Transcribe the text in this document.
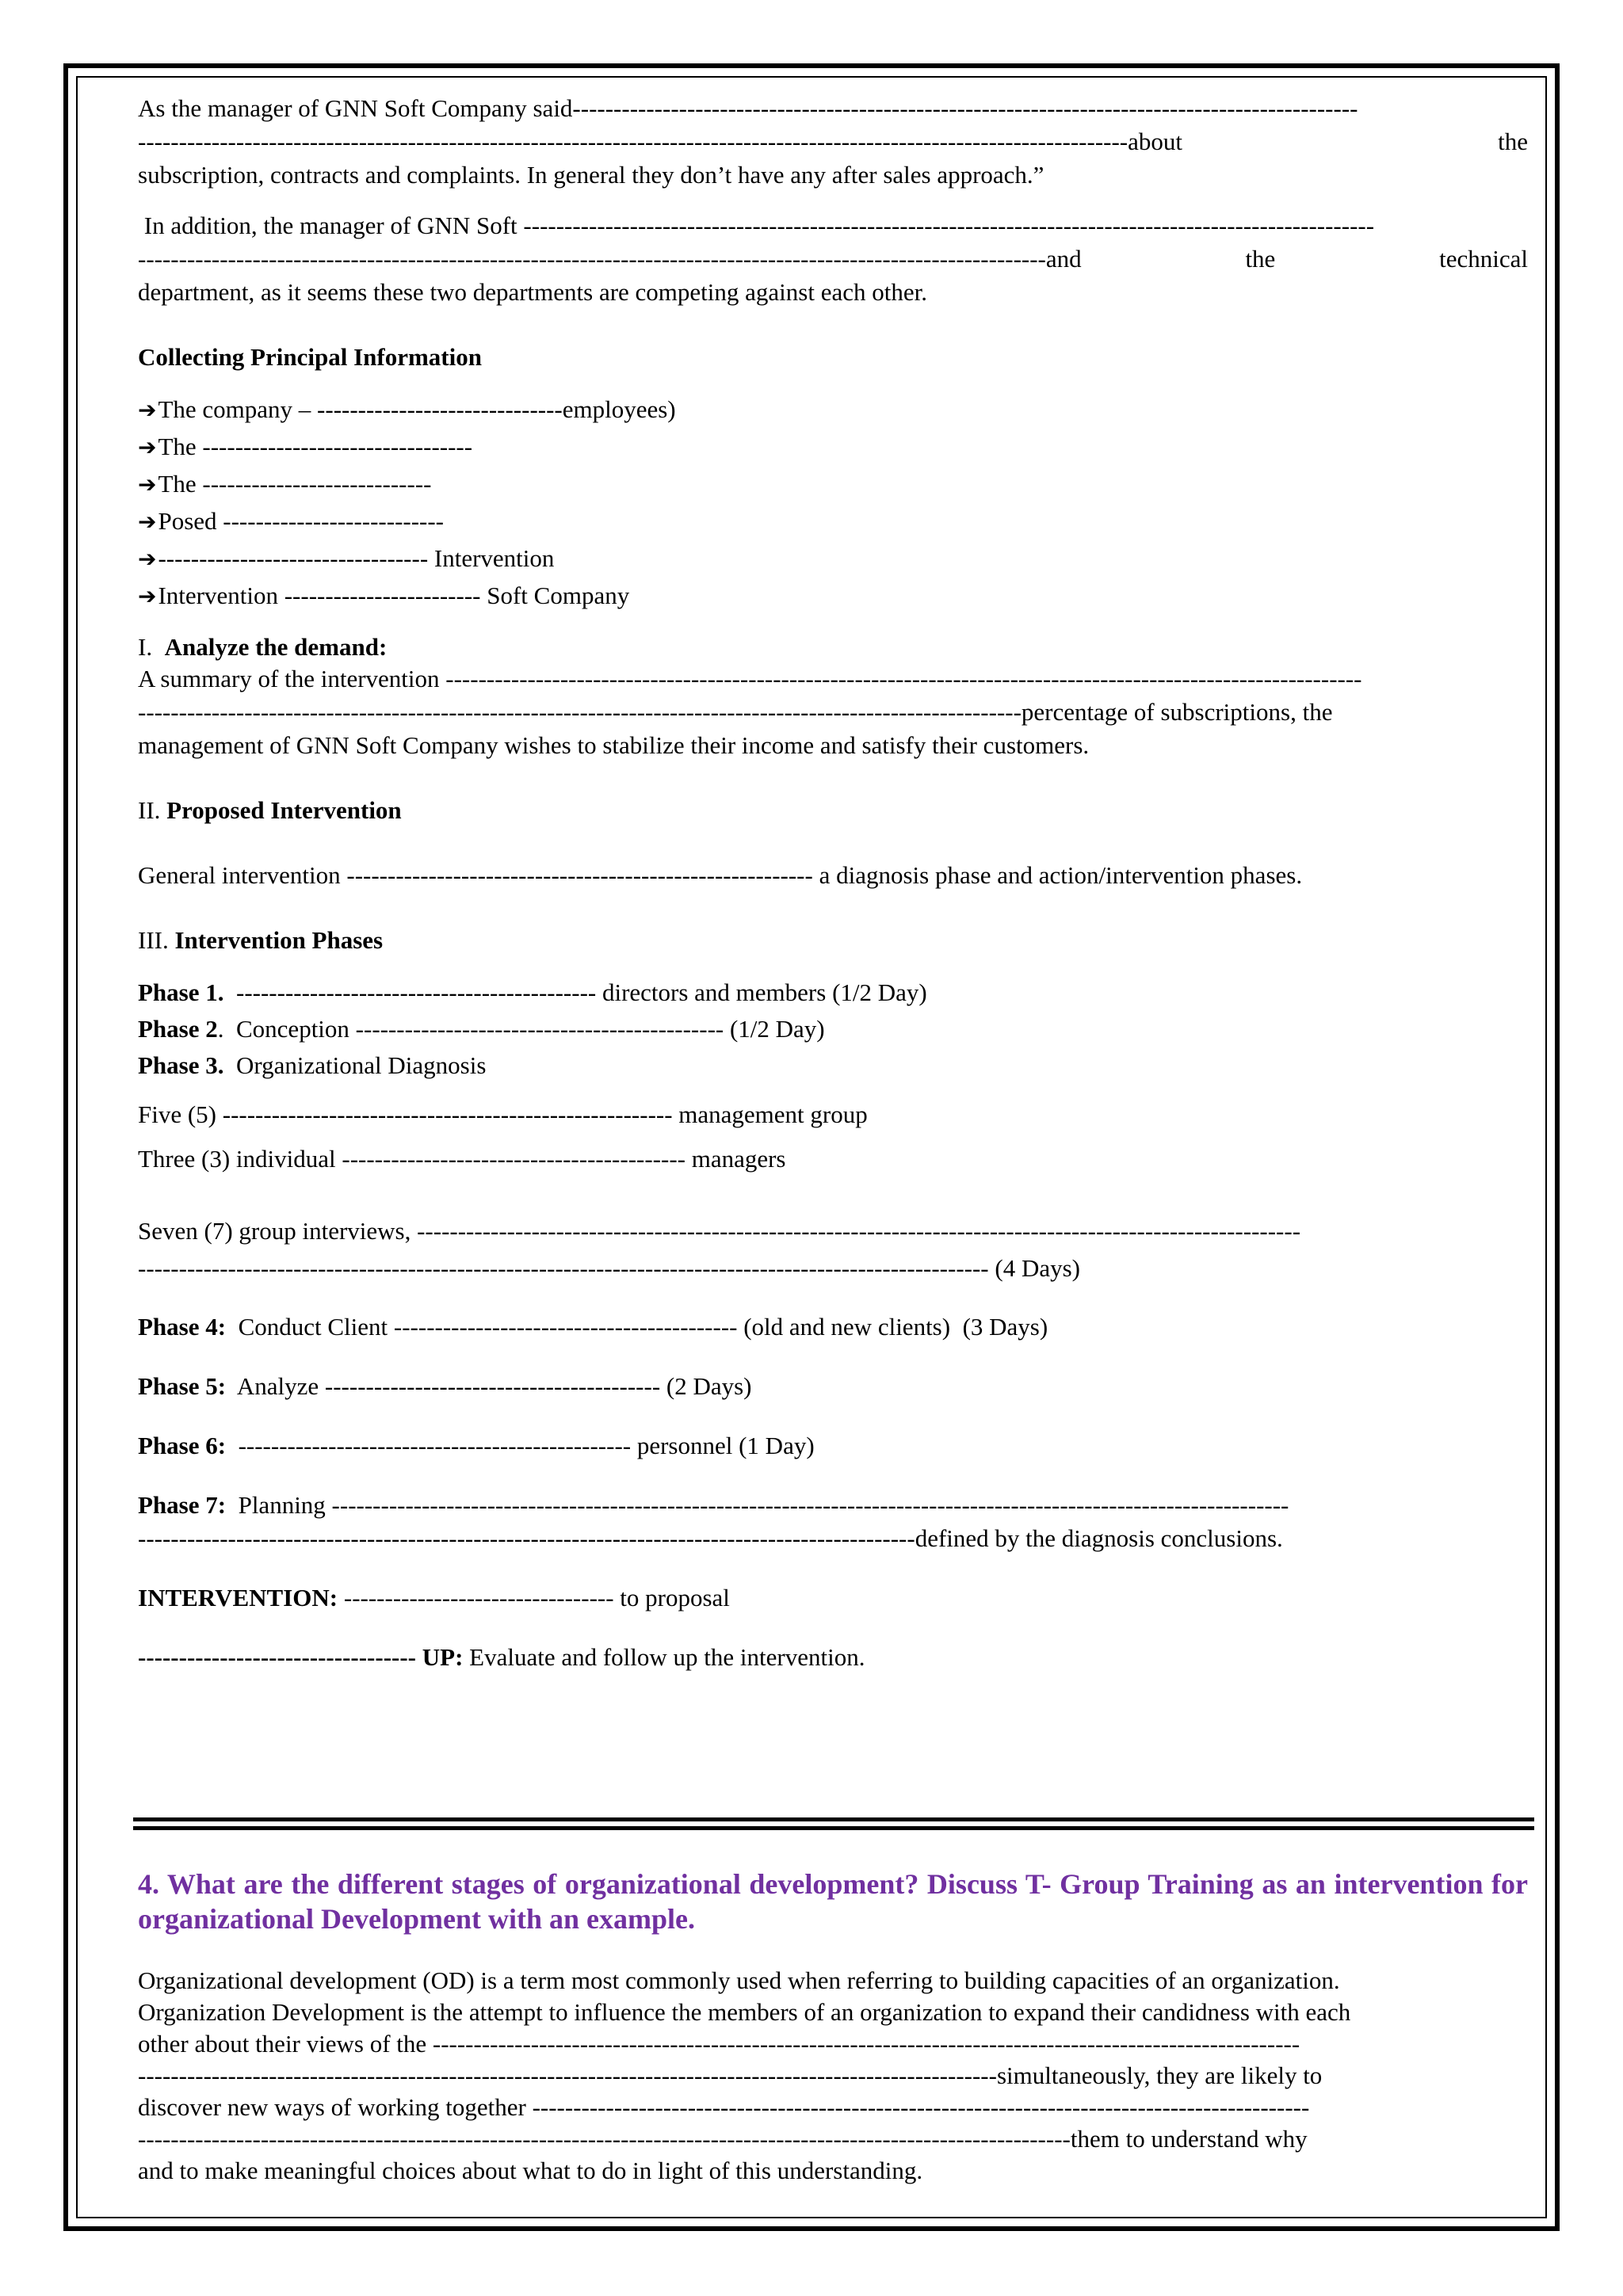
As the manager of GNN Soft Company said------------------------------------------------------------------------------------------------

-------------------------------------------------------------------------------------------------------------------------about	the

subscription, contracts and complaints. In general they don’t have any after sales approach.”

In addition, the manager of GNN Soft --------------------------------------------------------------------------------------------------------

---------------------------------------------------------------------------------------------------------------and	the	technical

department, as it seems these two departments are competing against each other.

Collecting Principal Information

➔The company – ------------------------------employees)

➔The ---------------------------------

➔The ----------------------------

➔Posed ---------------------------

➔--------------------------------- Intervention

➔Intervention ------------------------ Soft Company

I. Analyze the demand:

A summary of the intervention ----------------------------------------------------------------------------------------------------------------

------------------------------------------------------------------------------------------------------------percentage of subscriptions, the

management of GNN Soft Company wishes to stabilize their income and satisfy their customers.

II. Proposed Intervention

General intervention --------------------------------------------------------- a diagnosis phase and action/intervention phases.

III. Intervention Phases

Phase 1.  -------------------------------------------- directors and members (1/2 Day)

Phase 2.  Conception --------------------------------------------- (1/2 Day)

Phase 3.  Organizational Diagnosis

Five (5) ------------------------------------------------------- management group

Three (3) individual ------------------------------------------ managers

Seven (7) group interviews, ------------------------------------------------------------------------------------------------------------

-------------------------------------------------------------------------------------------------------- (4 Days)

Phase 4:  Conduct Client ------------------------------------------ (old and new clients)  (3 Days)

Phase 5:  Analyze ----------------------------------------- (2 Days)

Phase 6:  ------------------------------------------------ personnel (1 Day)

Phase 7:  Planning ---------------------------------------------------------------------------------------------------------------------

-----------------------------------------------------------------------------------------------defined by the diagnosis conclusions.

INTERVENTION: --------------------------------- to proposal

---------------------------------- UP: Evaluate and follow up the intervention.

4. What are the different stages of organizational development? Discuss T- Group Training as an intervention for organizational Development with an example.

Organizational development (OD) is a term most commonly used when referring to building capacities of an organization.

Organization Development is the attempt to influence the members of an organization to expand their candidness with each

other about their views of the ----------------------------------------------------------------------------------------------------------

---------------------------------------------------------------------------------------------------------simultaneously, they are likely to

discover new ways of working together -----------------------------------------------------------------------------------------------

------------------------------------------------------------------------------------------------------------------them to understand why

and to make meaningful choices about what to do in light of this understanding.
